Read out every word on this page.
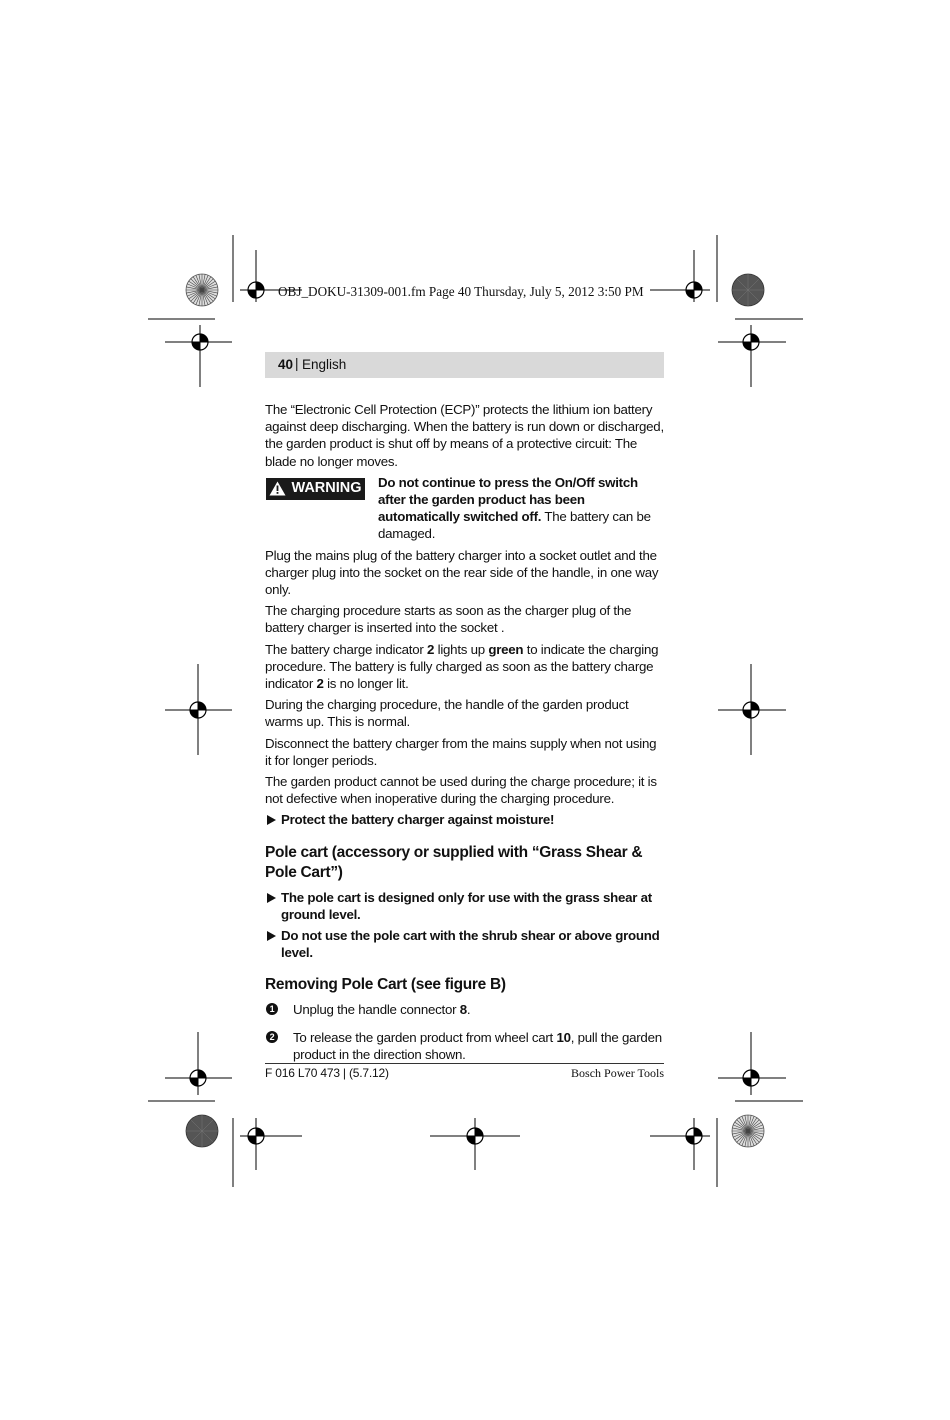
OBJ_DOKU-31309-001.fm Page 40 Thursday, July 5, 2012 3:50 PM
40 | English

The “Electronic Cell Protection (ECP)” protects the lithium ion battery against deep discharging. When the battery is run down or discharged, the garden product is shut off by means of a protective circuit: The blade no longer moves.

WARNING Do not continue to press the On/Off switch after the garden product has been automatically switched off. The battery can be damaged.

Plug the mains plug of the battery charger into a socket outlet and the charger plug into the socket on the rear side of the handle, in one way only.

The charging procedure starts as soon as the charger plug of the battery charger is inserted into the socket .

The battery charge indicator 2 lights up green to indicate the charging procedure. The battery is fully charged as soon as the battery charge indicator 2 is no longer lit.

During the charging procedure, the handle of the garden product warms up. This is normal.

Disconnect the battery charger from the mains supply when not using it for longer periods.

The garden product cannot be used during the charge procedure; it is not defective when inoperative during the charging procedure.

Protect the battery charger against moisture!
Pole cart (accessory or supplied with “Grass Shear & Pole Cart”)
The pole cart is designed only for use with the grass shear at ground level.
Do not use the pole cart with the shrub shear or above ground level.
Removing Pole Cart (see figure B)
1 Unplug the handle connector 8.
2 To release the garden product from wheel cart 10, pull the garden product in the direction shown.
F 016 L70 473 | (5.7.12)	Bosch Power Tools
